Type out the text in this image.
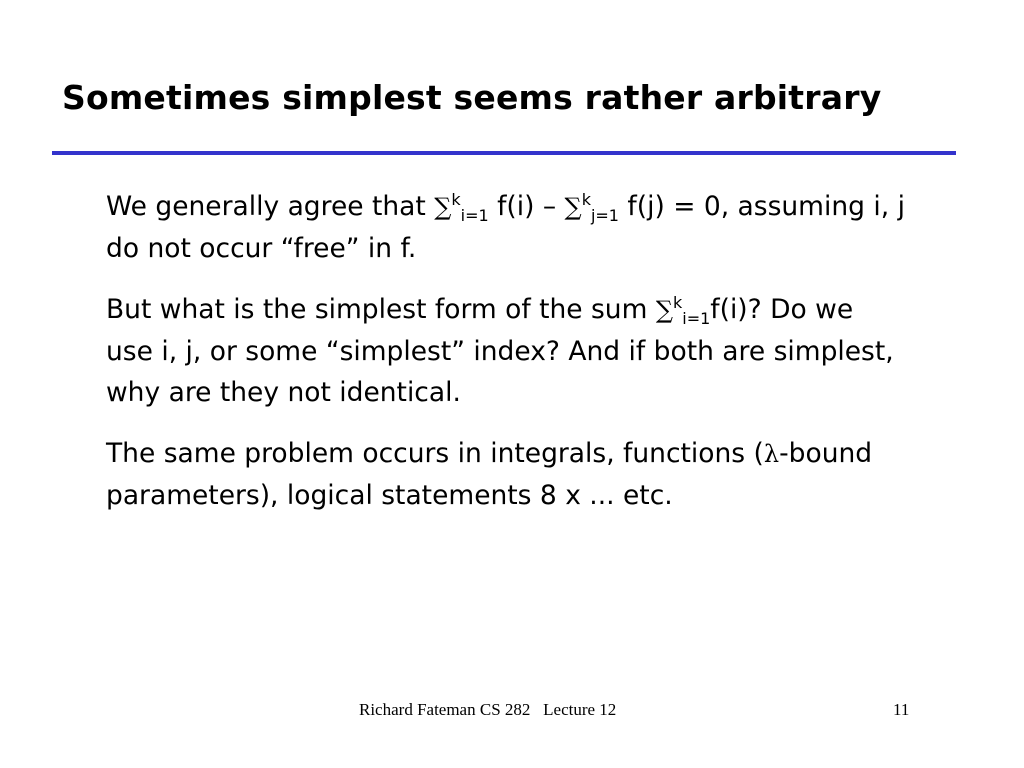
Sometimes simplest seems rather arbitrary

We generally agree that ∑$^k_{i=1}$ f(i) – ∑$^k_{j=1}$ f(j) = 0, assuming i, j do not occur “free” in f.

But what is the simplest form of the sum ∑$^k_{i=1}$f(i)? Do we use i, j, or some “simplest” index? And if both are simplest, why are they not identical.

The same problem occurs in integrals, functions (λ-bound parameters), logical statements 8 x ... etc.

Richard Fateman CS 282   Lecture 12	11
